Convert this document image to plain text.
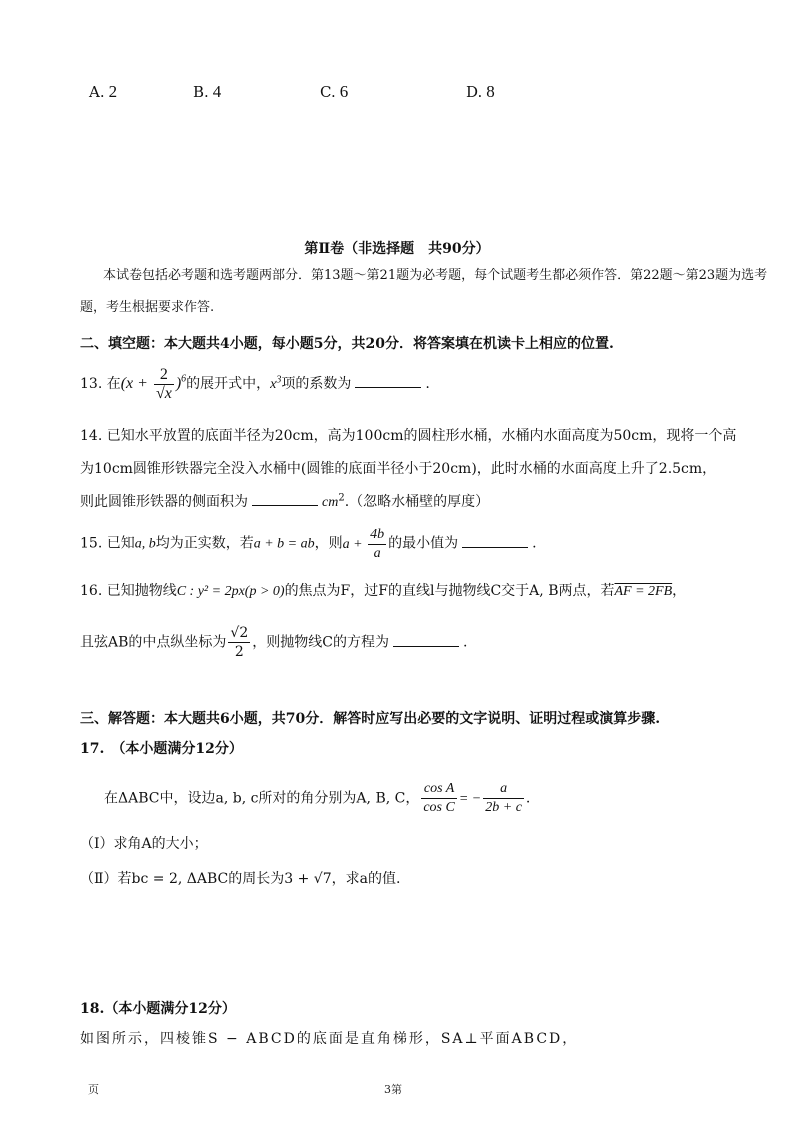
A. 2	B. 4	C. 6	D. 8
第Ⅱ卷（非选择题　共90分）
本试卷包括必考题和选考题两部分．第13题～第21题为必考题，每个试题考生都必须作答．第22题～第23题为选考
题，考生根据要求作答.
二、填空题：本大题共4小题，每小题5分，共20分．将答案填在机读卡上相应的位置.
13. 在$(x + \frac{2}{√x} )^6$的展开式中，$x^3$项的系数为	.
14. 已知水平放置的底面半径为20cm，高为100cm的圆柱形水桶，水桶内水面高度为50cm，现将一个高
为10cm圆锥形铁器完全没入水桶中(圆锥的底面半径小于20cm)，此时水桶的水面高度上升了2.5cm，
则此圆锥形铁器的侧面积为	$cm^2$.（忽略水桶壁的厚度）
15. 已知a, b均为正实数，若a + b = ab，则$a + \frac{4b}{a}$ 的最小值为	.
16. 已知抛物线C : y² = 2px(p > 0)的焦点为F，过F的直线l与抛物线C交于A, B两点，若AF = 2FB，
且弦AB的中点纵坐标为 $\frac{√2}{2}$ ，则抛物线C的方程为	.
三、解答题：本大题共6小题，共70分．解答时应写出必要的文字说明、证明过程或演算步骤.
17.　（本小题满分12分）
在ΔABC中，设边a, b, c所对的角分别为A, B, C， $\frac{\text{cos A}}{\text{cos C}}$ = − $\frac{a}{2b + c}$ .
（Ⅰ）求角A的大小；
（Ⅱ）若bc = 2, ΔABC的周长为3 + √7，求a的值.
18.（本小题满分12分）
如图所示，四棱锥S − ABCD的底面是直角梯形，SA⊥平面ABCD，
页	3第
